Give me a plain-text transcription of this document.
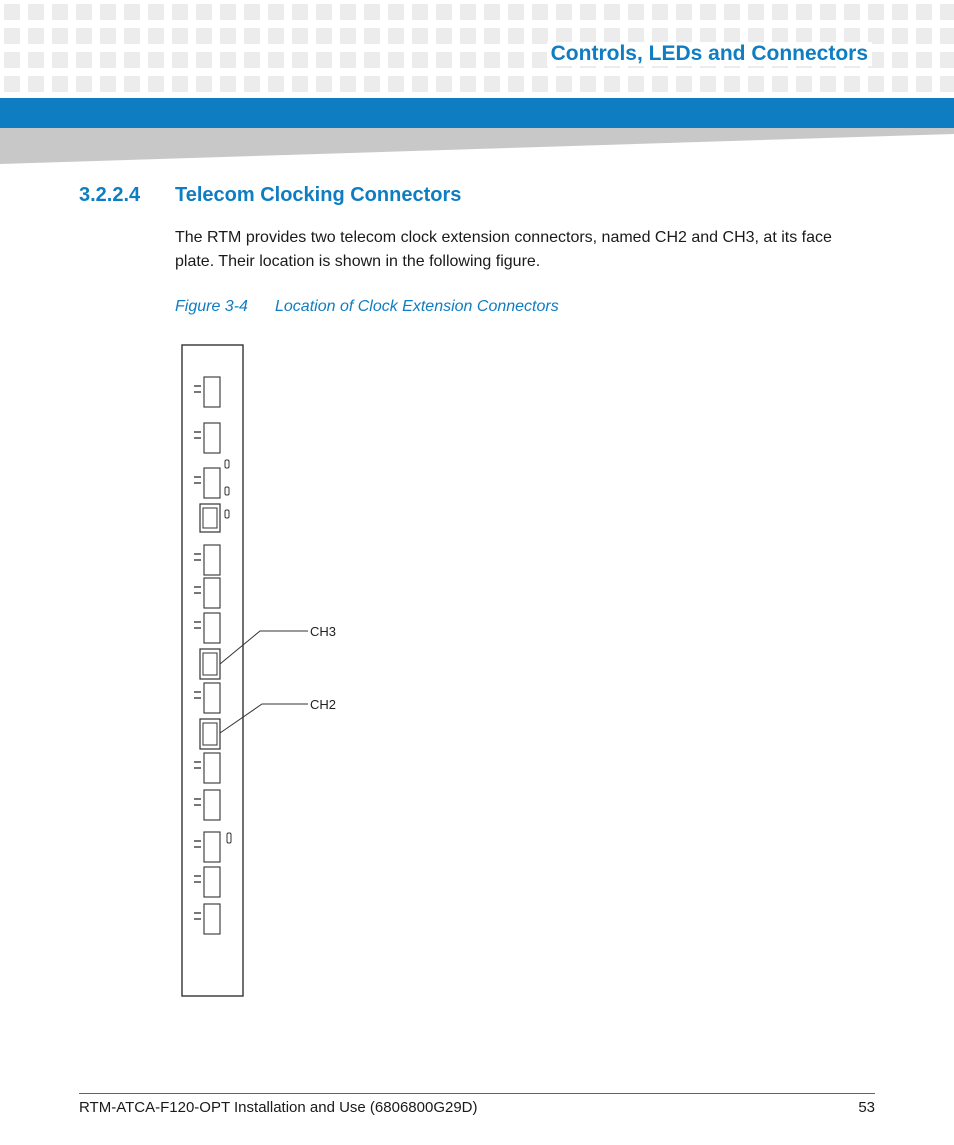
Controls, LEDs and Connectors
3.2.2.4 Telecom Clocking Connectors
The RTM provides two telecom clock extension connectors, named CH2 and CH3, at its face plate. Their location is shown in the following figure.
Figure 3-4 Location of Clock Extension Connectors
CH3
CH2
RTM-ATCA-F120-OPT Installation and Use (6806800G29D)	53
